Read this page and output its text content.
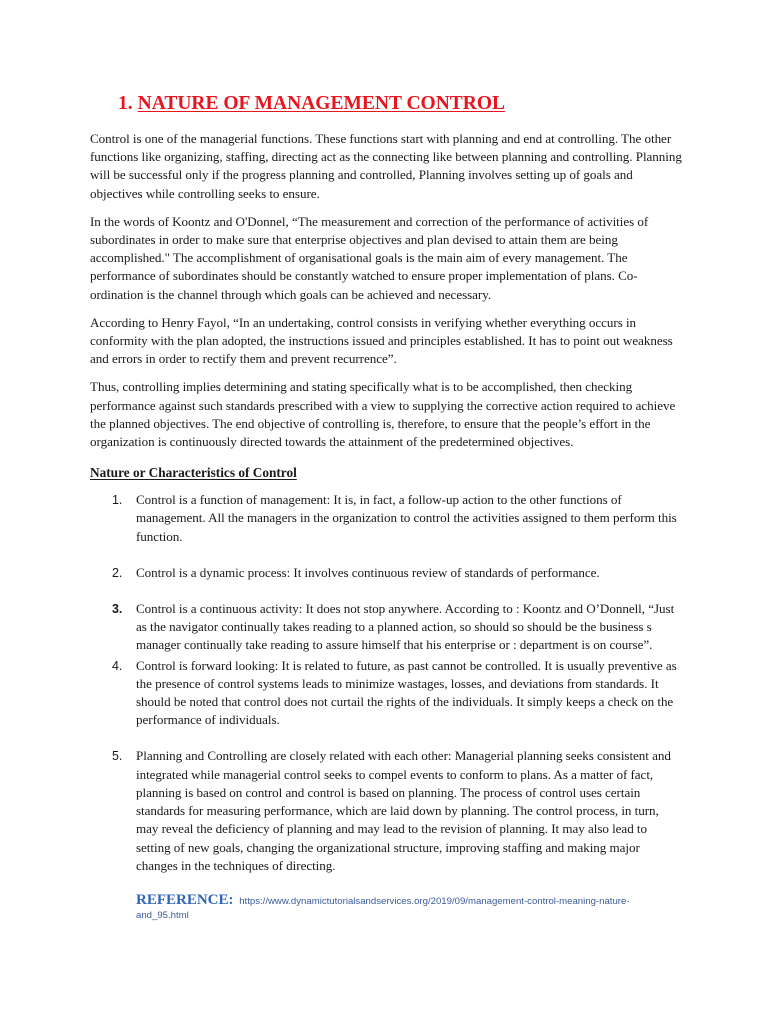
1. NATURE OF MANAGEMENT CONTROL

Control is one of the managerial functions. These functions start with planning and end at controlling. The other functions like organizing, staffing, directing act as the connecting like between planning and controlling. Planning will be successful only if the progress planning and controlled, Planning involves setting up of goals and objectives while controlling seeks to ensure.

In the words of Koontz and O'Donnel, “The measurement and correction of the performance of activities of subordinates in order to make sure that enterprise objectives and plan devised to attain them are being accomplished." The accomplishment of organisational goals is the main aim of every management. The performance of subordinates should be constantly watched to ensure proper implementation of plans. Co-ordination is the channel through which goals can be achieved and necessary.

According to Henry Fayol, “In an undertaking, control consists in verifying whether everything occurs in conformity with the plan adopted, the instructions issued and principles established. It has to point out weakness and errors in order to rectify them and prevent recurrence”.

Thus, controlling implies determining and stating specifically what is to be accomplished, then checking performance against such standards prescribed with a view to supplying the corrective action required to achieve the planned objectives. The end objective of controlling is, therefore, to ensure that the people’s effort in the organization is continuously directed towards the attainment of the predetermined objectives.

Nature or Characteristics of Control
1. Control is a function of management: It is, in fact, a follow-up action to the other functions of management. All the managers in the organization to control the activities assigned to them perform this function.
2. Control is a dynamic process: It involves continuous review of standards of performance.
3. Control is a continuous activity: It does not stop anywhere. According to : Koontz and O’Donnell, “Just as the navigator continually takes reading to a planned action, so should so should be the business s manager continually take reading to assure himself that his enterprise or : department is on course”.
4. Control is forward looking: It is related to future, as past cannot be controlled. It is usually preventive as the presence of control systems leads to minimize wastages, losses, and deviations from standards. It should be noted that control does not curtail the rights of the individuals. It simply keeps a check on the performance of individuals.
5. Planning and Controlling are closely related with each other: Managerial planning seeks consistent and integrated while managerial control seeks to compel events to conform to plans. As a matter of fact, planning is based on control and control is based on planning. The process of control uses certain standards for measuring performance, which are laid down by planning. The control process, in turn, may reveal the deficiency of planning and may lead to the revision of planning. It may also lead to setting of new goals, changing the organizational structure, improving staffing and making major changes in the techniques of directing.
REFERENCE: https://www.dynamictutorialsandservices.org/2019/09/management-control-meaning-nature-and_95.html
